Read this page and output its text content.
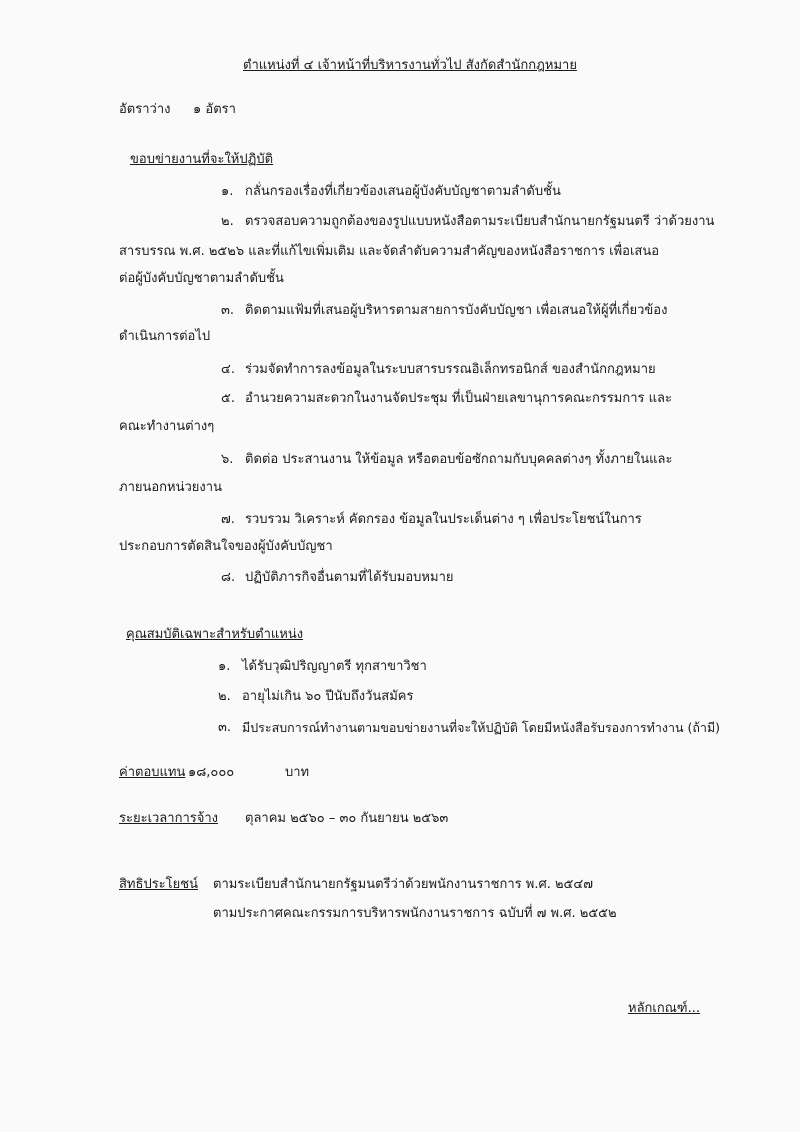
ตำแหน่งที่ ๔ เจ้าหน้าที่บริหารงานทั่วไป สังกัดสำนักกฎหมาย
อัตราว่าง ๑ อัตรา
ขอบข่ายงานที่จะให้ปฏิบัติ
๑. กลั่นกรองเรื่องที่เกี่ยวข้องเสนอผู้บังคับบัญชาตามลำดับชั้น
๒. ตรวจสอบความถูกต้องของรูปแบบหนังสือตามระเบียบสำนักนายกรัฐมนตรี ว่าด้วยงาน
สารบรรณ พ.ศ. ๒๕๒๖ และที่แก้ไขเพิ่มเติม และจัดลำดับความสำคัญของหนังสือราชการ เพื่อเสนอ
ต่อผู้บังคับบัญชาตามลำดับชั้น
๓. ติดตามแฟ้มที่เสนอผู้บริหารตามสายการบังคับบัญชา เพื่อเสนอให้ผู้ที่เกี่ยวข้อง
ดำเนินการต่อไป
๔. ร่วมจัดทำการลงข้อมูลในระบบสารบรรณอิเล็กทรอนิกส์ ของสำนักกฎหมาย
๕. อำนวยความสะดวกในงานจัดประชุม ที่เป็นฝ่ายเลขานุการคณะกรรมการ และ
คณะทำงานต่างๆ
๖. ติดต่อ ประสานงาน ให้ข้อมูล หรือตอบข้อซักถามกับบุคคลต่างๆ ทั้งภายในและ
ภายนอกหน่วยงาน
๗. รวบรวม วิเคราะห์ คัดกรอง ข้อมูลในประเด็นต่าง ๆ เพื่อประโยชน์ในการ
ประกอบการตัดสินใจของผู้บังคับบัญชา
๘. ปฏิบัติภารกิจอื่นตามที่ได้รับมอบหมาย
คุณสมบัติเฉพาะสำหรับตำแหน่ง
๑. ได้รับวุฒิปริญญาตรี ทุกสาขาวิชา
๒. อายุไม่เกิน ๖๐ ปีนับถึงวันสมัคร
๓. มีประสบการณ์ทำงานตามขอบข่ายงานที่จะให้ปฏิบัติ โดยมีหนังสือรับรองการทำงาน (ถ้ามี)
ค่าตอบแทน ๑๘,๐๐๐	บาท
ระยะเวลาการจ้าง ตุลาคม ๒๕๖๐ – ๓๐ กันยายน ๒๕๖๓
สิทธิประโยชน์ ตามระเบียบสำนักนายกรัฐมนตรีว่าด้วยพนักงานราชการ พ.ศ. ๒๕๔๗
ตามประกาศคณะกรรมการบริหารพนักงานราชการ ฉบับที่ ๗ พ.ศ. ๒๕๕๒
หลักเกณฑ์...
